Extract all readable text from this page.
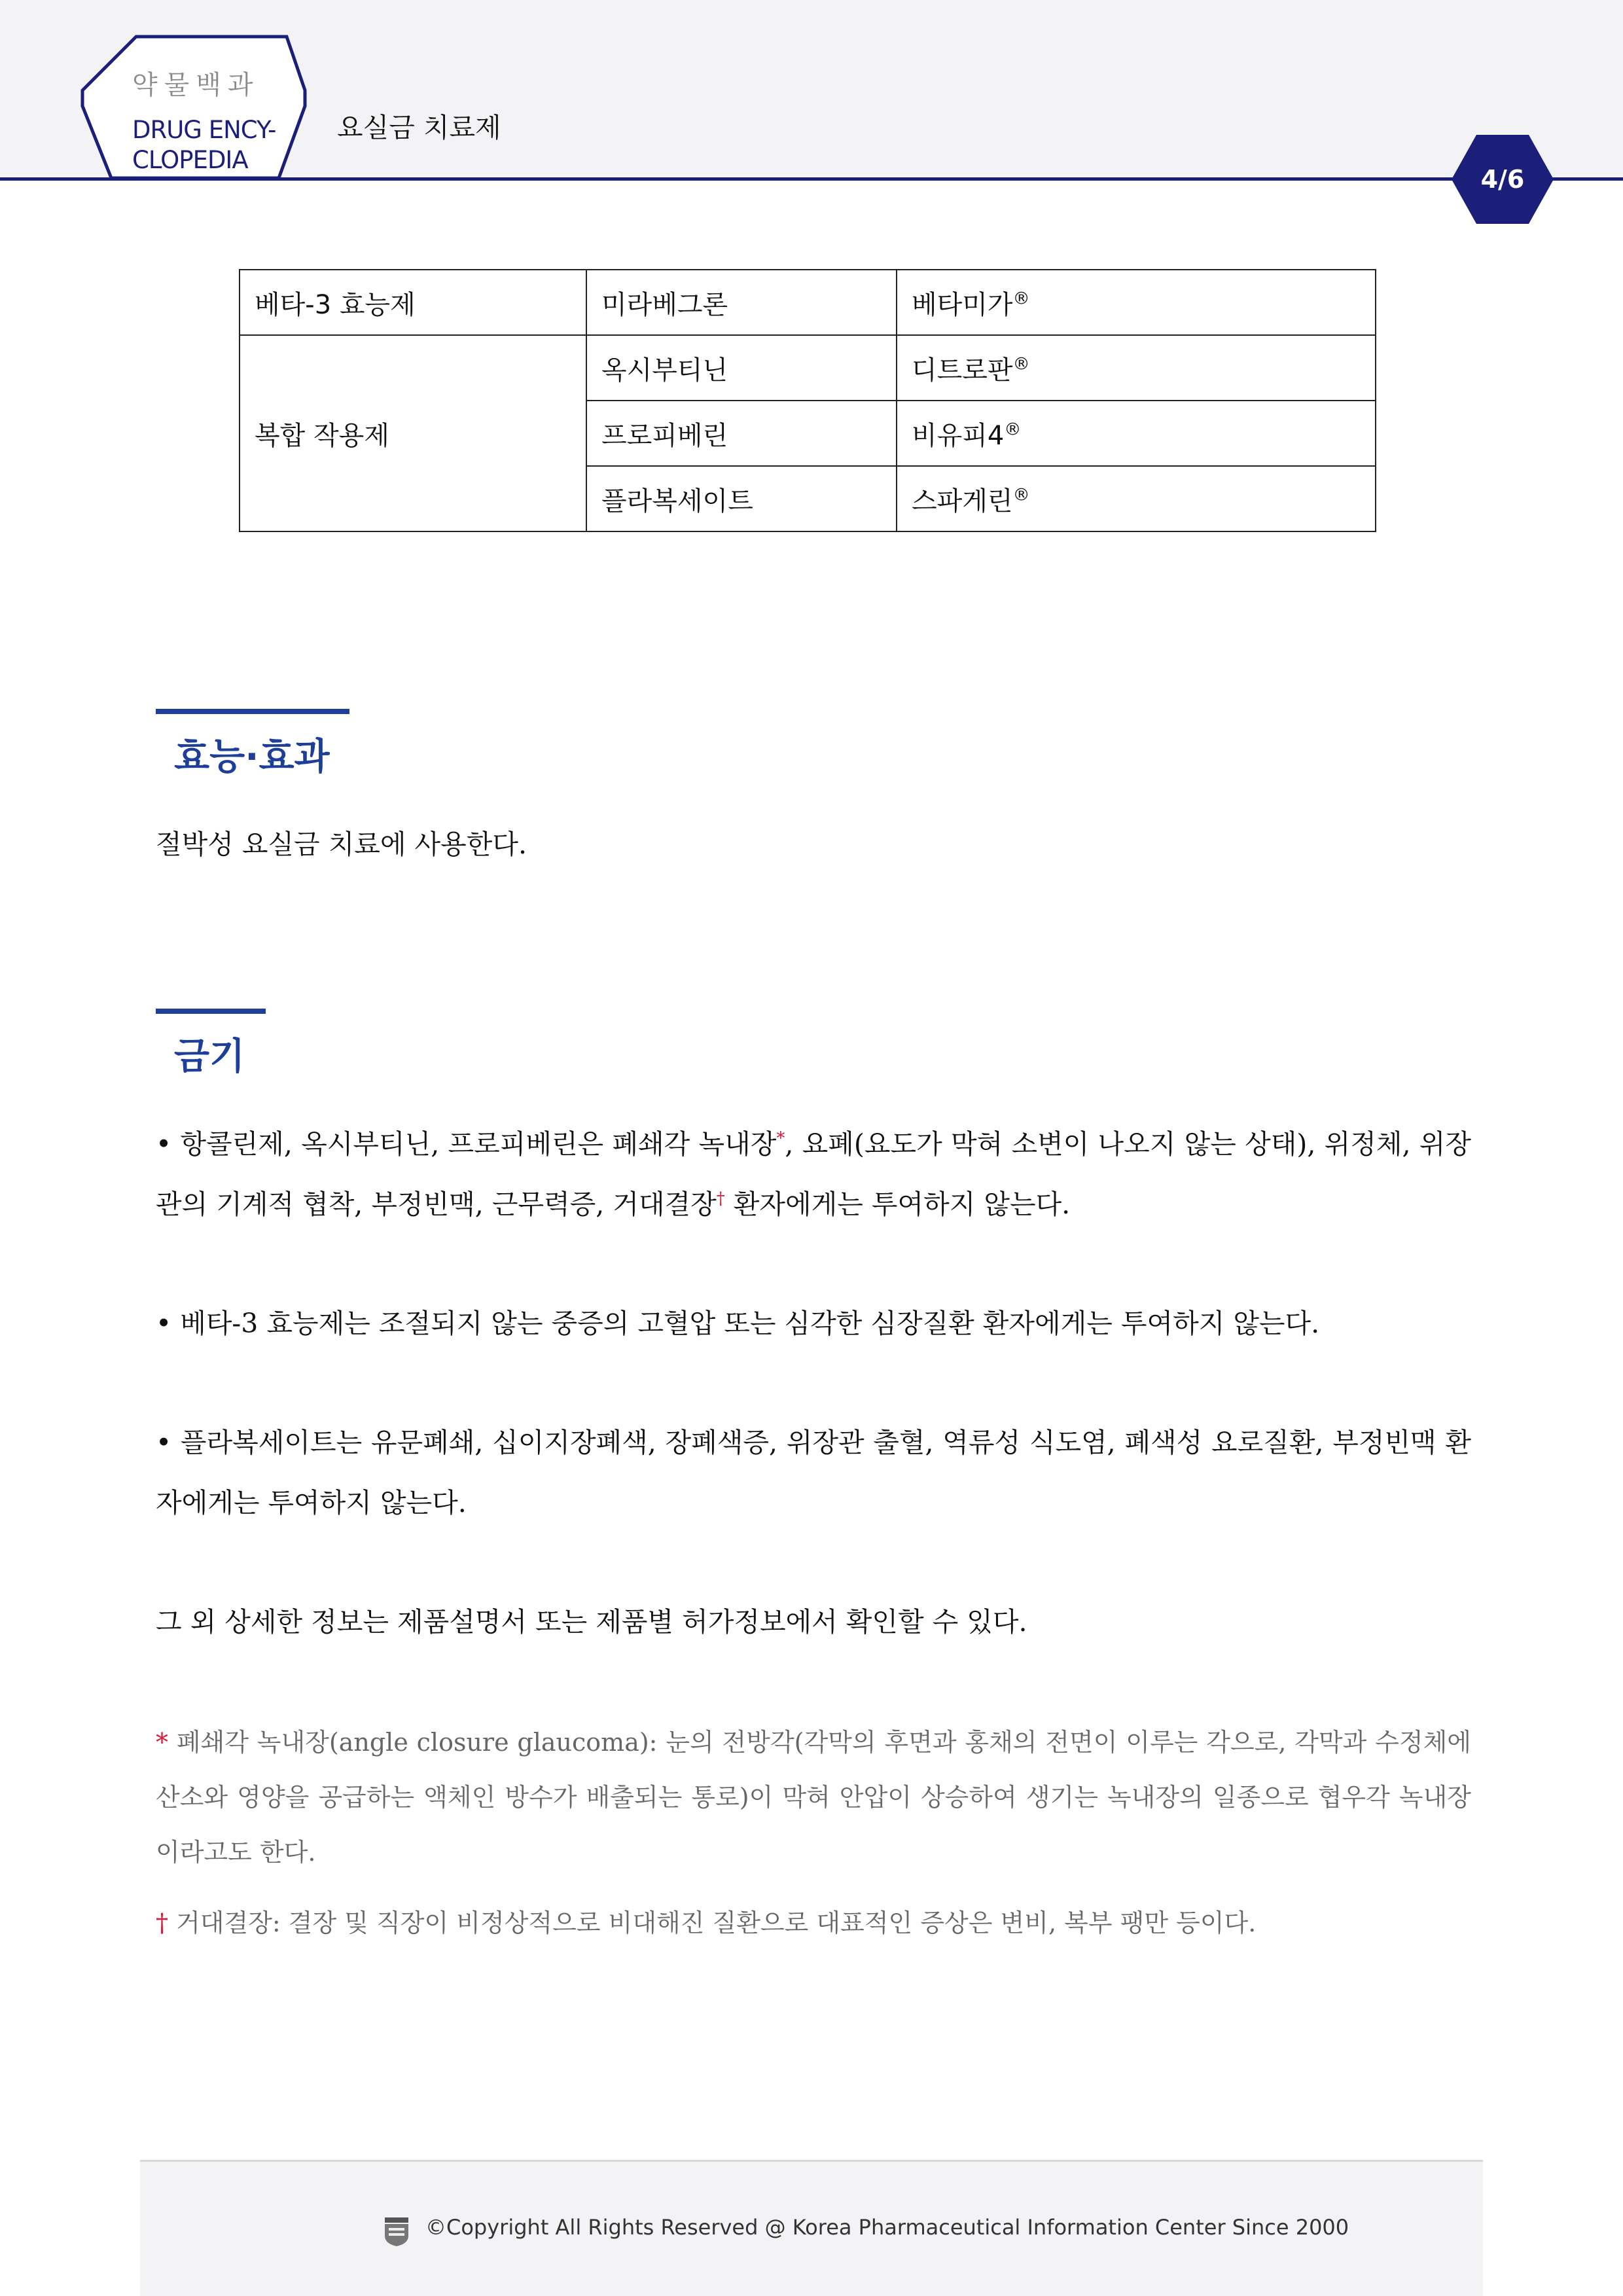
약물백과
DRUG ENCY-CLOPEDIA
요실금 치료제
4/6
베타-3 효능제	미라베그론	베타미가®
복합 작용제	옥시부티닌	디트로판®
	프로피베린	비유피4®
	플라복세이트	스파게린®
효능·효과
절박성 요실금 치료에 사용한다.
금기
• 항콜린제, 옥시부티닌, 프로피베린은 폐쇄각 녹내장*, 요폐(요도가 막혀 소변이 나오지 않는 상태), 위정체, 위장관의 기계적 협착, 부정빈맥, 근무력증, 거대결장† 환자에게는 투여하지 않는다.
• 베타-3 효능제는 조절되지 않는 중증의 고혈압 또는 심각한 심장질환 환자에게는 투여하지 않는다.
• 플라복세이트는 유문폐쇄, 십이지장폐색, 장폐색증, 위장관 출혈, 역류성 식도염, 폐색성 요로질환, 부정빈맥 환자에게는 투여하지 않는다.
그 외 상세한 정보는 제품설명서 또는 제품별 허가정보에서 확인할 수 있다.
* 폐쇄각 녹내장(angle closure glaucoma): 눈의 전방각(각막의 후면과 홍채의 전면이 이루는 각으로, 각막과 수정체에 산소와 영양을 공급하는 액체인 방수가 배출되는 통로)이 막혀 안압이 상승하여 생기는 녹내장의 일종으로 협우각 녹내장이라고도 한다.
† 거대결장: 결장 및 직장이 비정상적으로 비대해진 질환으로 대표적인 증상은 변비, 복부 팽만 등이다.
©Copyright All Rights Reserved @ Korea Pharmaceutical Information Center Since 2000
